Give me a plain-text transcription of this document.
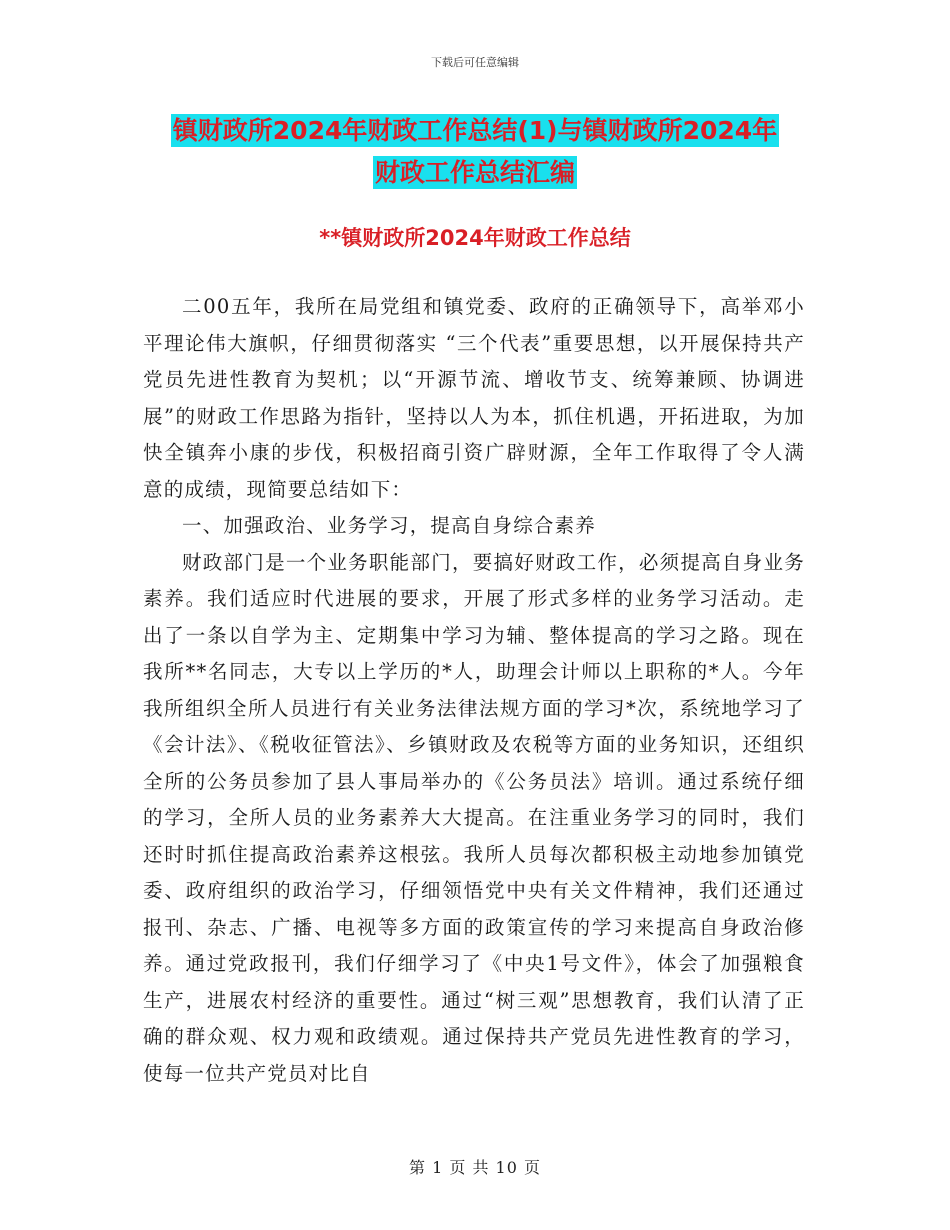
下载后可任意编辑
镇财政所2024年财政工作总结(1)与镇财政所2024年
财政工作总结汇编
**镇财政所2024年财政工作总结

二00五年，我所在局党组和镇党委、政府的正确领导下，高举邓小平理论伟大旗帜，仔细贯彻落实 “三个代表”重要思想，以开展保持共产党员先进性教育为契机；以“开源节流、增收节支、统筹兼顾、协调进展”的财政工作思路为指针，坚持以人为本，抓住机遇，开拓进取，为加快全镇奔小康的步伐，积极招商引资广辟财源，全年工作取得了令人满意的成绩，现简要总结如下：

一、加强政治、业务学习，提高自身综合素养

财政部门是一个业务职能部门，要搞好财政工作，必须提高自身业务素养。我们适应时代进展的要求，开展了形式多样的业务学习活动。走出了一条以自学为主、定期集中学习为辅、整体提高的学习之路。现在我所**名同志，大专以上学历的*人，助理会计师以上职称的*人。今年我所组织全所人员进行有关业务法律法规方面的学习*次，系统地学习了《会计法》、《税收征管法》、乡镇财政及农税等方面的业务知识，还组织全所的公务员参加了县人事局举办的《公务员法》培训。通过系统仔细的学习，全所人员的业务素养大大提高。在注重业务学习的同时，我们还时时抓住提高政治素养这根弦。我所人员每次都积极主动地参加镇党委、政府组织的政治学习，仔细领悟党中央有关文件精神，我们还通过报刊、杂志、广播、电视等多方面的政策宣传的学习来提高自身政治修养。通过党政报刊，我们仔细学习了《中央1号文件》，体会了加强粮食生产，进展农村经济的重要性。通过“树三观”思想教育，我们认清了正确的群众观、权力观和政绩观。通过保持共产党员先进性教育的学习，使每一位共产党员对比自

第 1 页 共 10 页
